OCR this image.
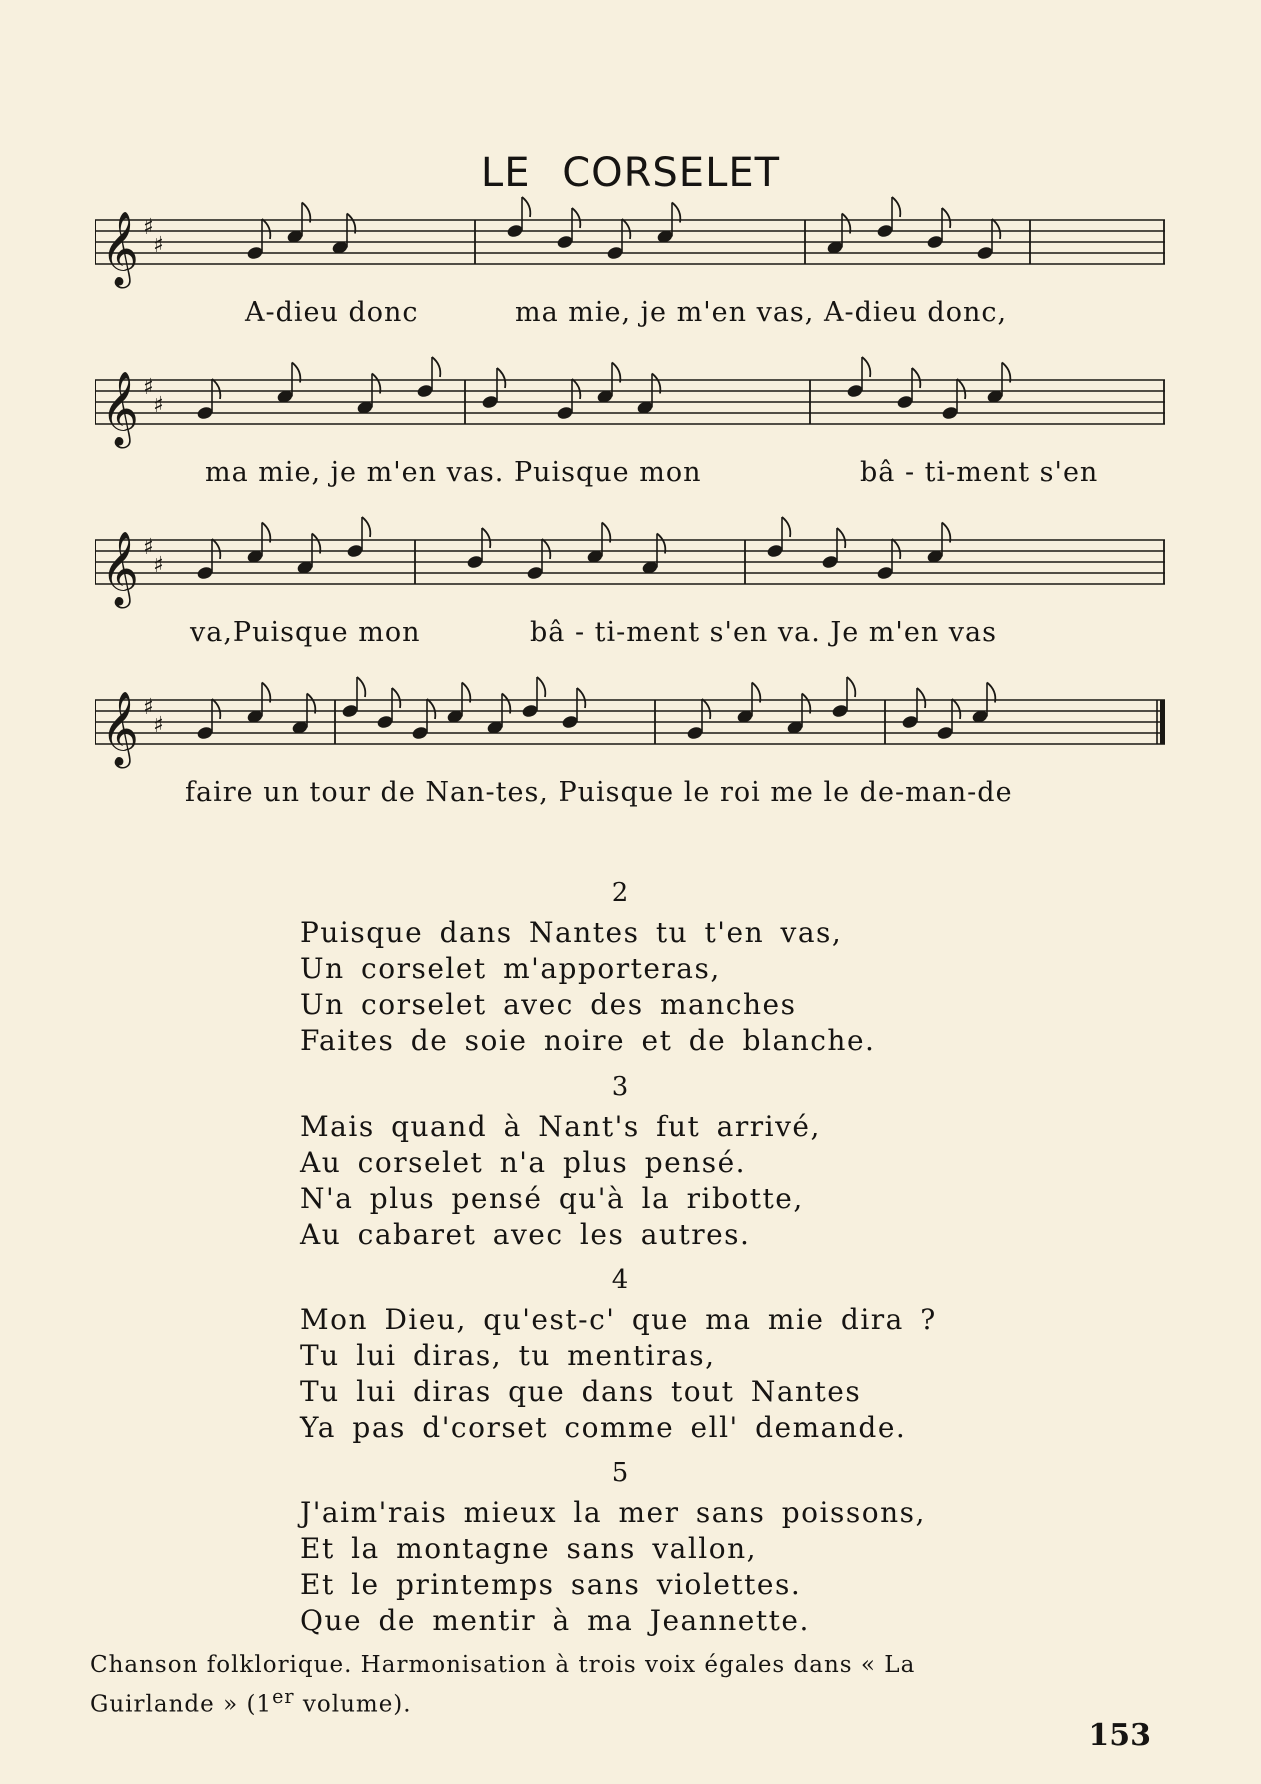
LE CORSELET
𝄞 ♯
♯
A-dieu donc	ma mie, je m'en vas, A-dieu donc,
𝄞 ♯
♯
ma mie, je m'en vas. Puisque mon	bâ - ti-ment s'en
𝄞 ♯
♯
va,Puisque mon	bâ - ti-ment s'en va. Je m'en vas
𝄞 ♯
♯
faire un tour de Nan-tes, Puisque le roi me le de-man-de
2
Puisque dans Nantes tu t'en vas,
Un corselet m'apporteras,
Un corselet avec des manches
Faites de soie noire et de blanche.
3
Mais quand à Nant's fut arrivé,
Au corselet n'a plus pensé.
N'a plus pensé qu'à la ribotte,
Au cabaret avec les autres.
4
Mon Dieu, qu'est-c' que ma mie dira ?
Tu lui diras, tu mentiras,
Tu lui diras que dans tout Nantes
Ya pas d'corset comme ell' demande.
5
J'aim'rais mieux la mer sans poissons,
Et la montagne sans vallon,
Et le printemps sans violettes.
Que de mentir à ma Jeannette.
Chanson folklorique. Harmonisation à trois voix égales dans « La
Guirlande » (1er volume).
153
